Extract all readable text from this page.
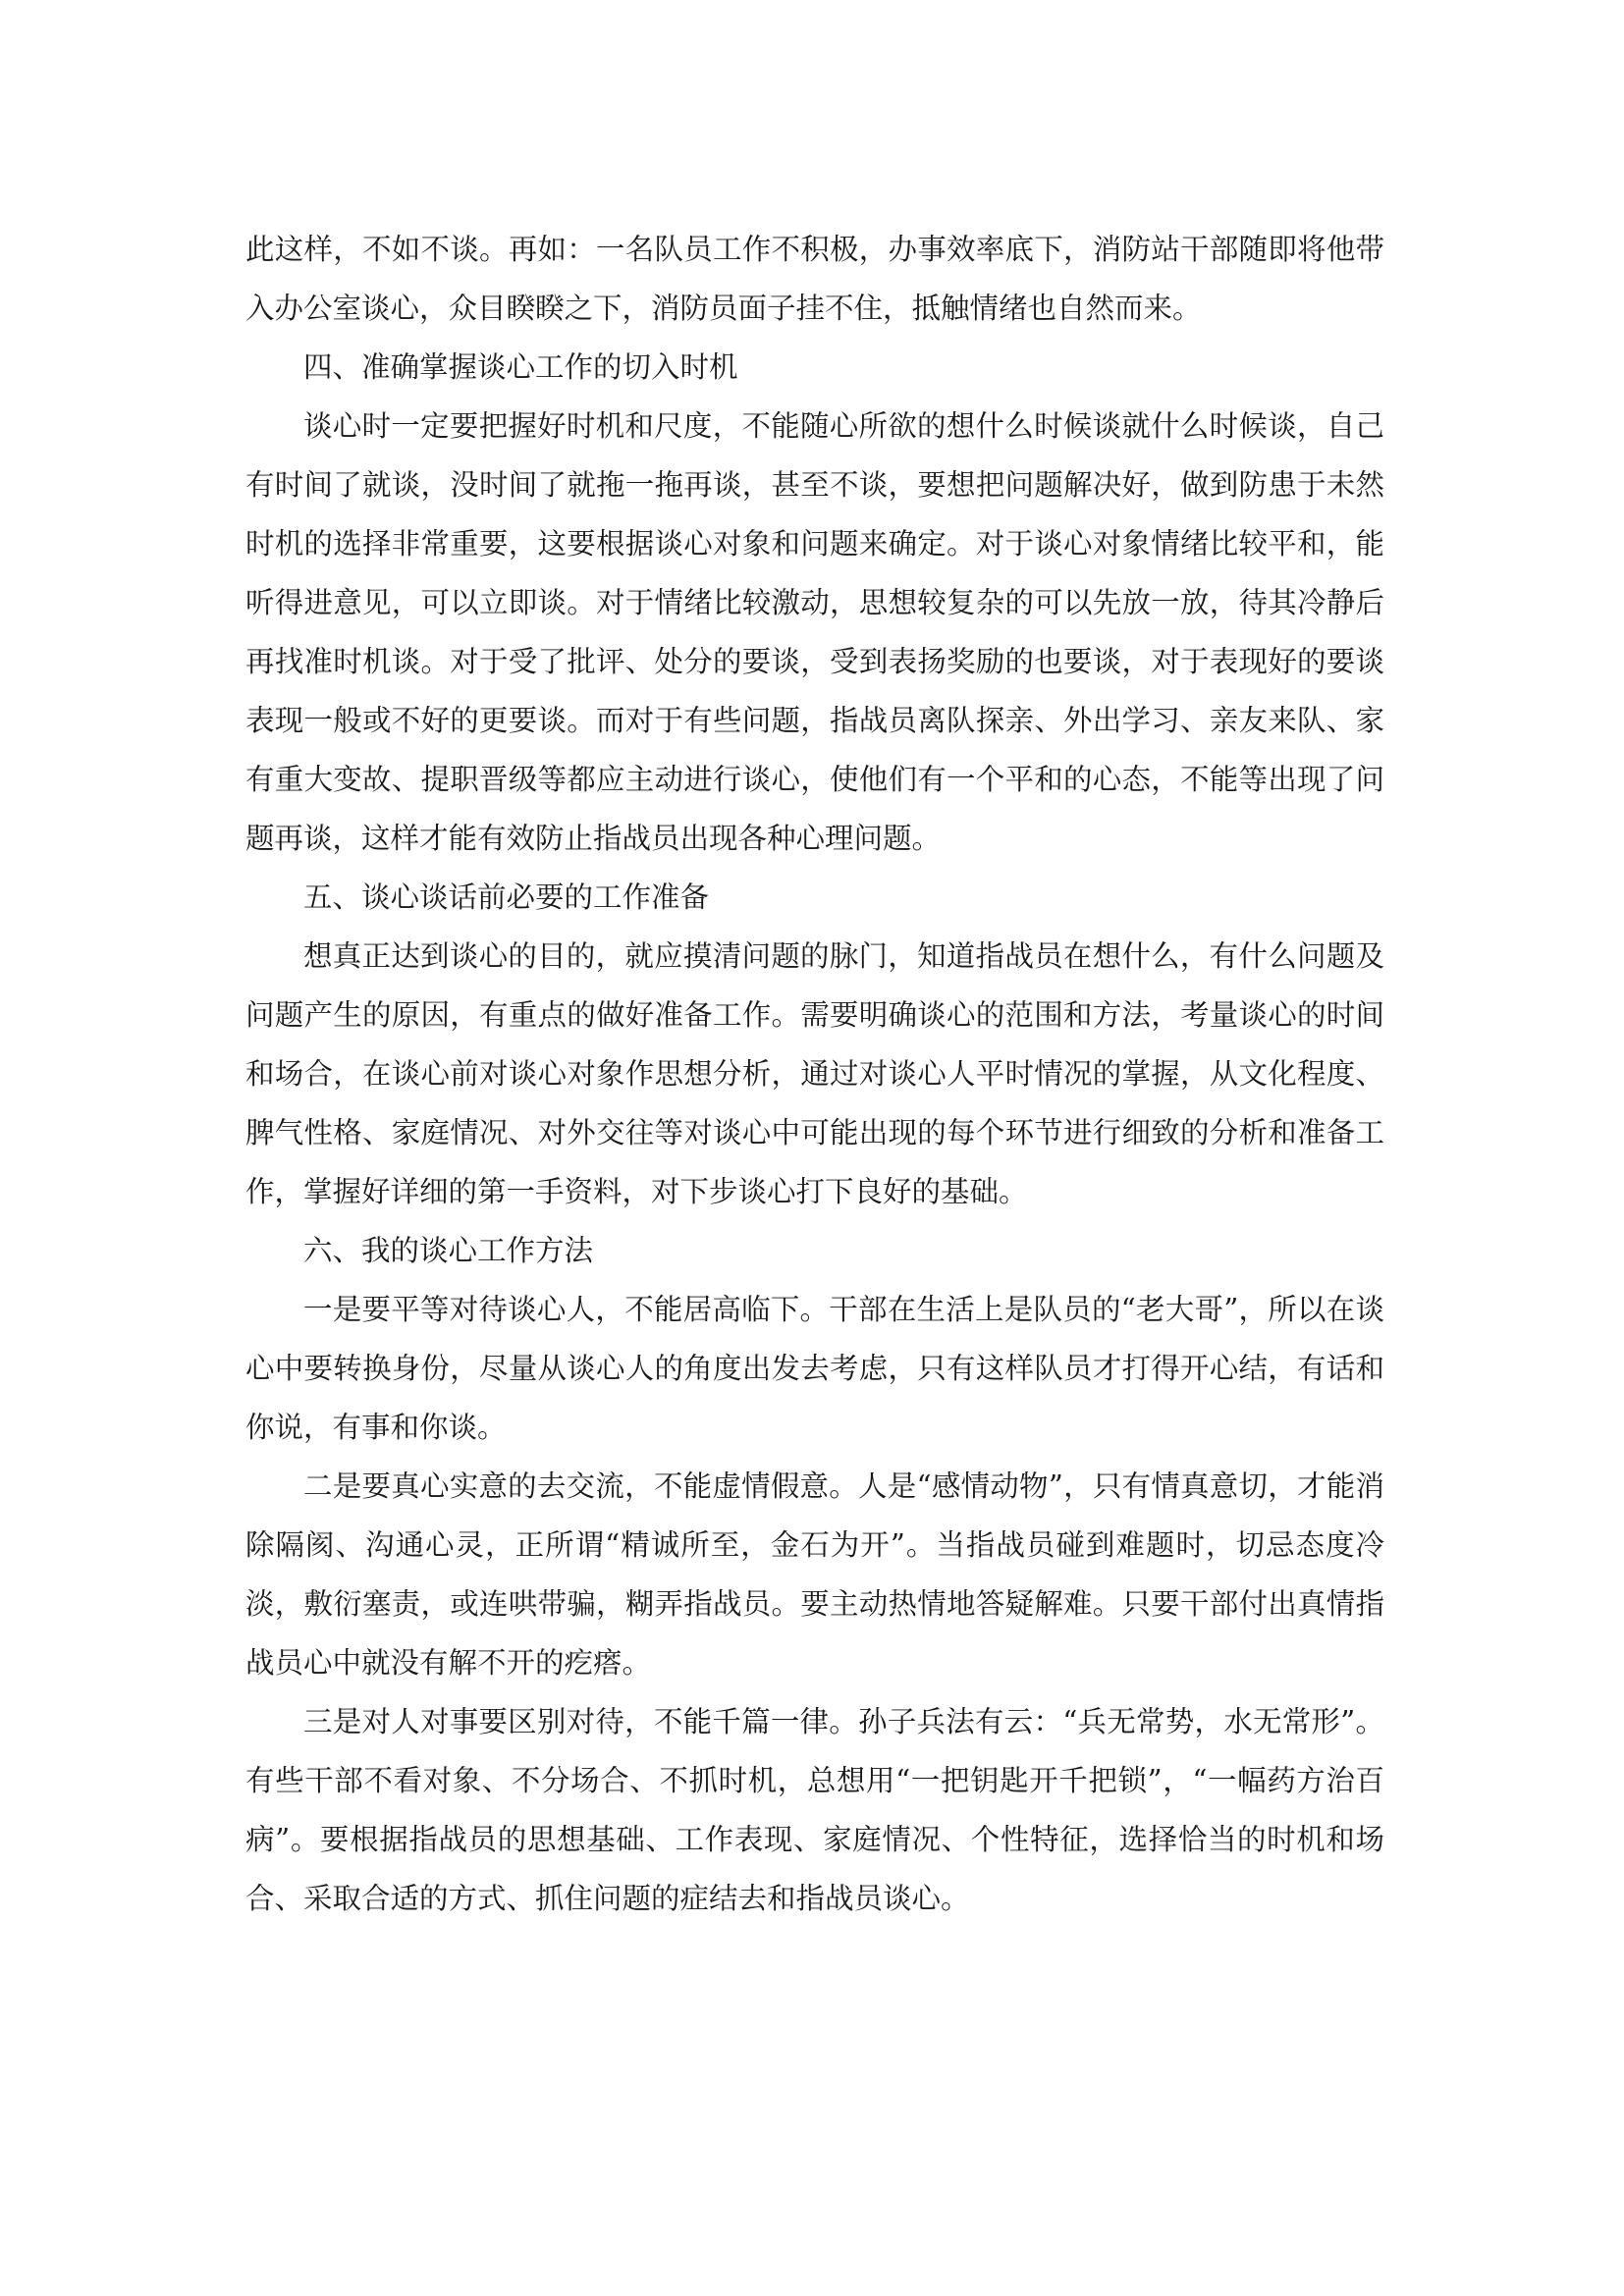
此这样，不如不谈。再如：一名队员工作不积极，办事效率底下，消防站干部随即将他带入办公室谈心，众目睽睽之下，消防员面子挂不住，抵触情绪也自然而来。

四、准确掌握谈心工作的切入时机

谈心时一定要把握好时机和尺度，不能随心所欲的想什么时候谈就什么时候谈，自己有时间了就谈，没时间了就拖一拖再谈，甚至不谈，要想把问题解决好，做到防患于未然时机的选择非常重要，这要根据谈心对象和问题来确定。对于谈心对象情绪比较平和，能听得进意见，可以立即谈。对于情绪比较激动，思想较复杂的可以先放一放，待其冷静后再找准时机谈。对于受了批评、处分的要谈，受到表扬奖励的也要谈，对于表现好的要谈表现一般或不好的更要谈。而对于有些问题，指战员离队探亲、外出学习、亲友来队、家有重大变故、提职晋级等都应主动进行谈心，使他们有一个平和的心态，不能等出现了问题再谈，这样才能有效防止指战员出现各种心理问题。

五、谈心谈话前必要的工作准备

想真正达到谈心的目的，就应摸清问题的脉门，知道指战员在想什么，有什么问题及问题产生的原因，有重点的做好准备工作。需要明确谈心的范围和方法，考量谈心的时间和场合，在谈心前对谈心对象作思想分析，通过对谈心人平时情况的掌握，从文化程度、脾气性格、家庭情况、对外交往等对谈心中可能出现的每个环节进行细致的分析和准备工作，掌握好详细的第一手资料，对下步谈心打下良好的基础。

六、我的谈心工作方法

一是要平等对待谈心人，不能居高临下。干部在生活上是队员的“老大哥”，所以在谈心中要转换身份，尽量从谈心人的角度出发去考虑，只有这样队员才打得开心结，有话和你说，有事和你谈。

二是要真心实意的去交流，不能虚情假意。人是“感情动物”，只有情真意切，才能消除隔阂、沟通心灵，正所谓“精诚所至，金石为开”。当指战员碰到难题时，切忌态度冷淡，敷衍塞责，或连哄带骗，糊弄指战员。要主动热情地答疑解难。只要干部付出真情指战员心中就没有解不开的疙瘩。

三是对人对事要区别对待，不能千篇一律。孙子兵法有云：“兵无常势，水无常形”。有些干部不看对象、不分场合、不抓时机，总想用“一把钥匙开千把锁”，“一幅药方治百病”。要根据指战员的思想基础、工作表现、家庭情况、个性特征，选择恰当的时机和场合、采取合适的方式、抓住问题的症结去和指战员谈心。
